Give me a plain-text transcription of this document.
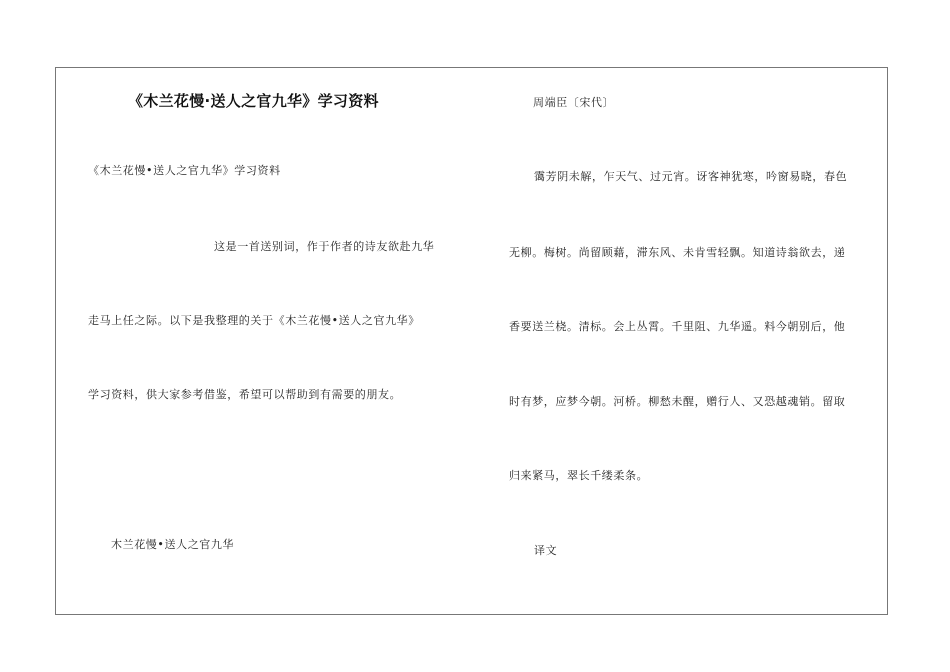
《木兰花慢·送人之官九华》学习资料
《木兰花慢•送人之官九华》学习资料
这是一首送别词，作于作者的诗友欲赴九华
走马上任之际。以下是我整理的关于《木兰花慢•送人之官九华》
学习资料，供大家参考借鉴，希望可以帮助到有需要的朋友。
木兰花慢•送人之官九华
周端臣〔宋代〕
霭芳阴未解，乍天气、过元宵。讶客神犹寒，吟窗易晓，春色
无柳。梅树。尚留顾藉，滞东风、未肯雪轻飘。知道诗翁欲去，递
香要送兰桡。清标。会上丛霄。千里阻、九华遥。料今朝别后，他
时有梦，应梦今朝。河桥。柳愁未醒，赠行人、又恐越魂销。留取
归来紧马，翠长千缕柔条。
译文
